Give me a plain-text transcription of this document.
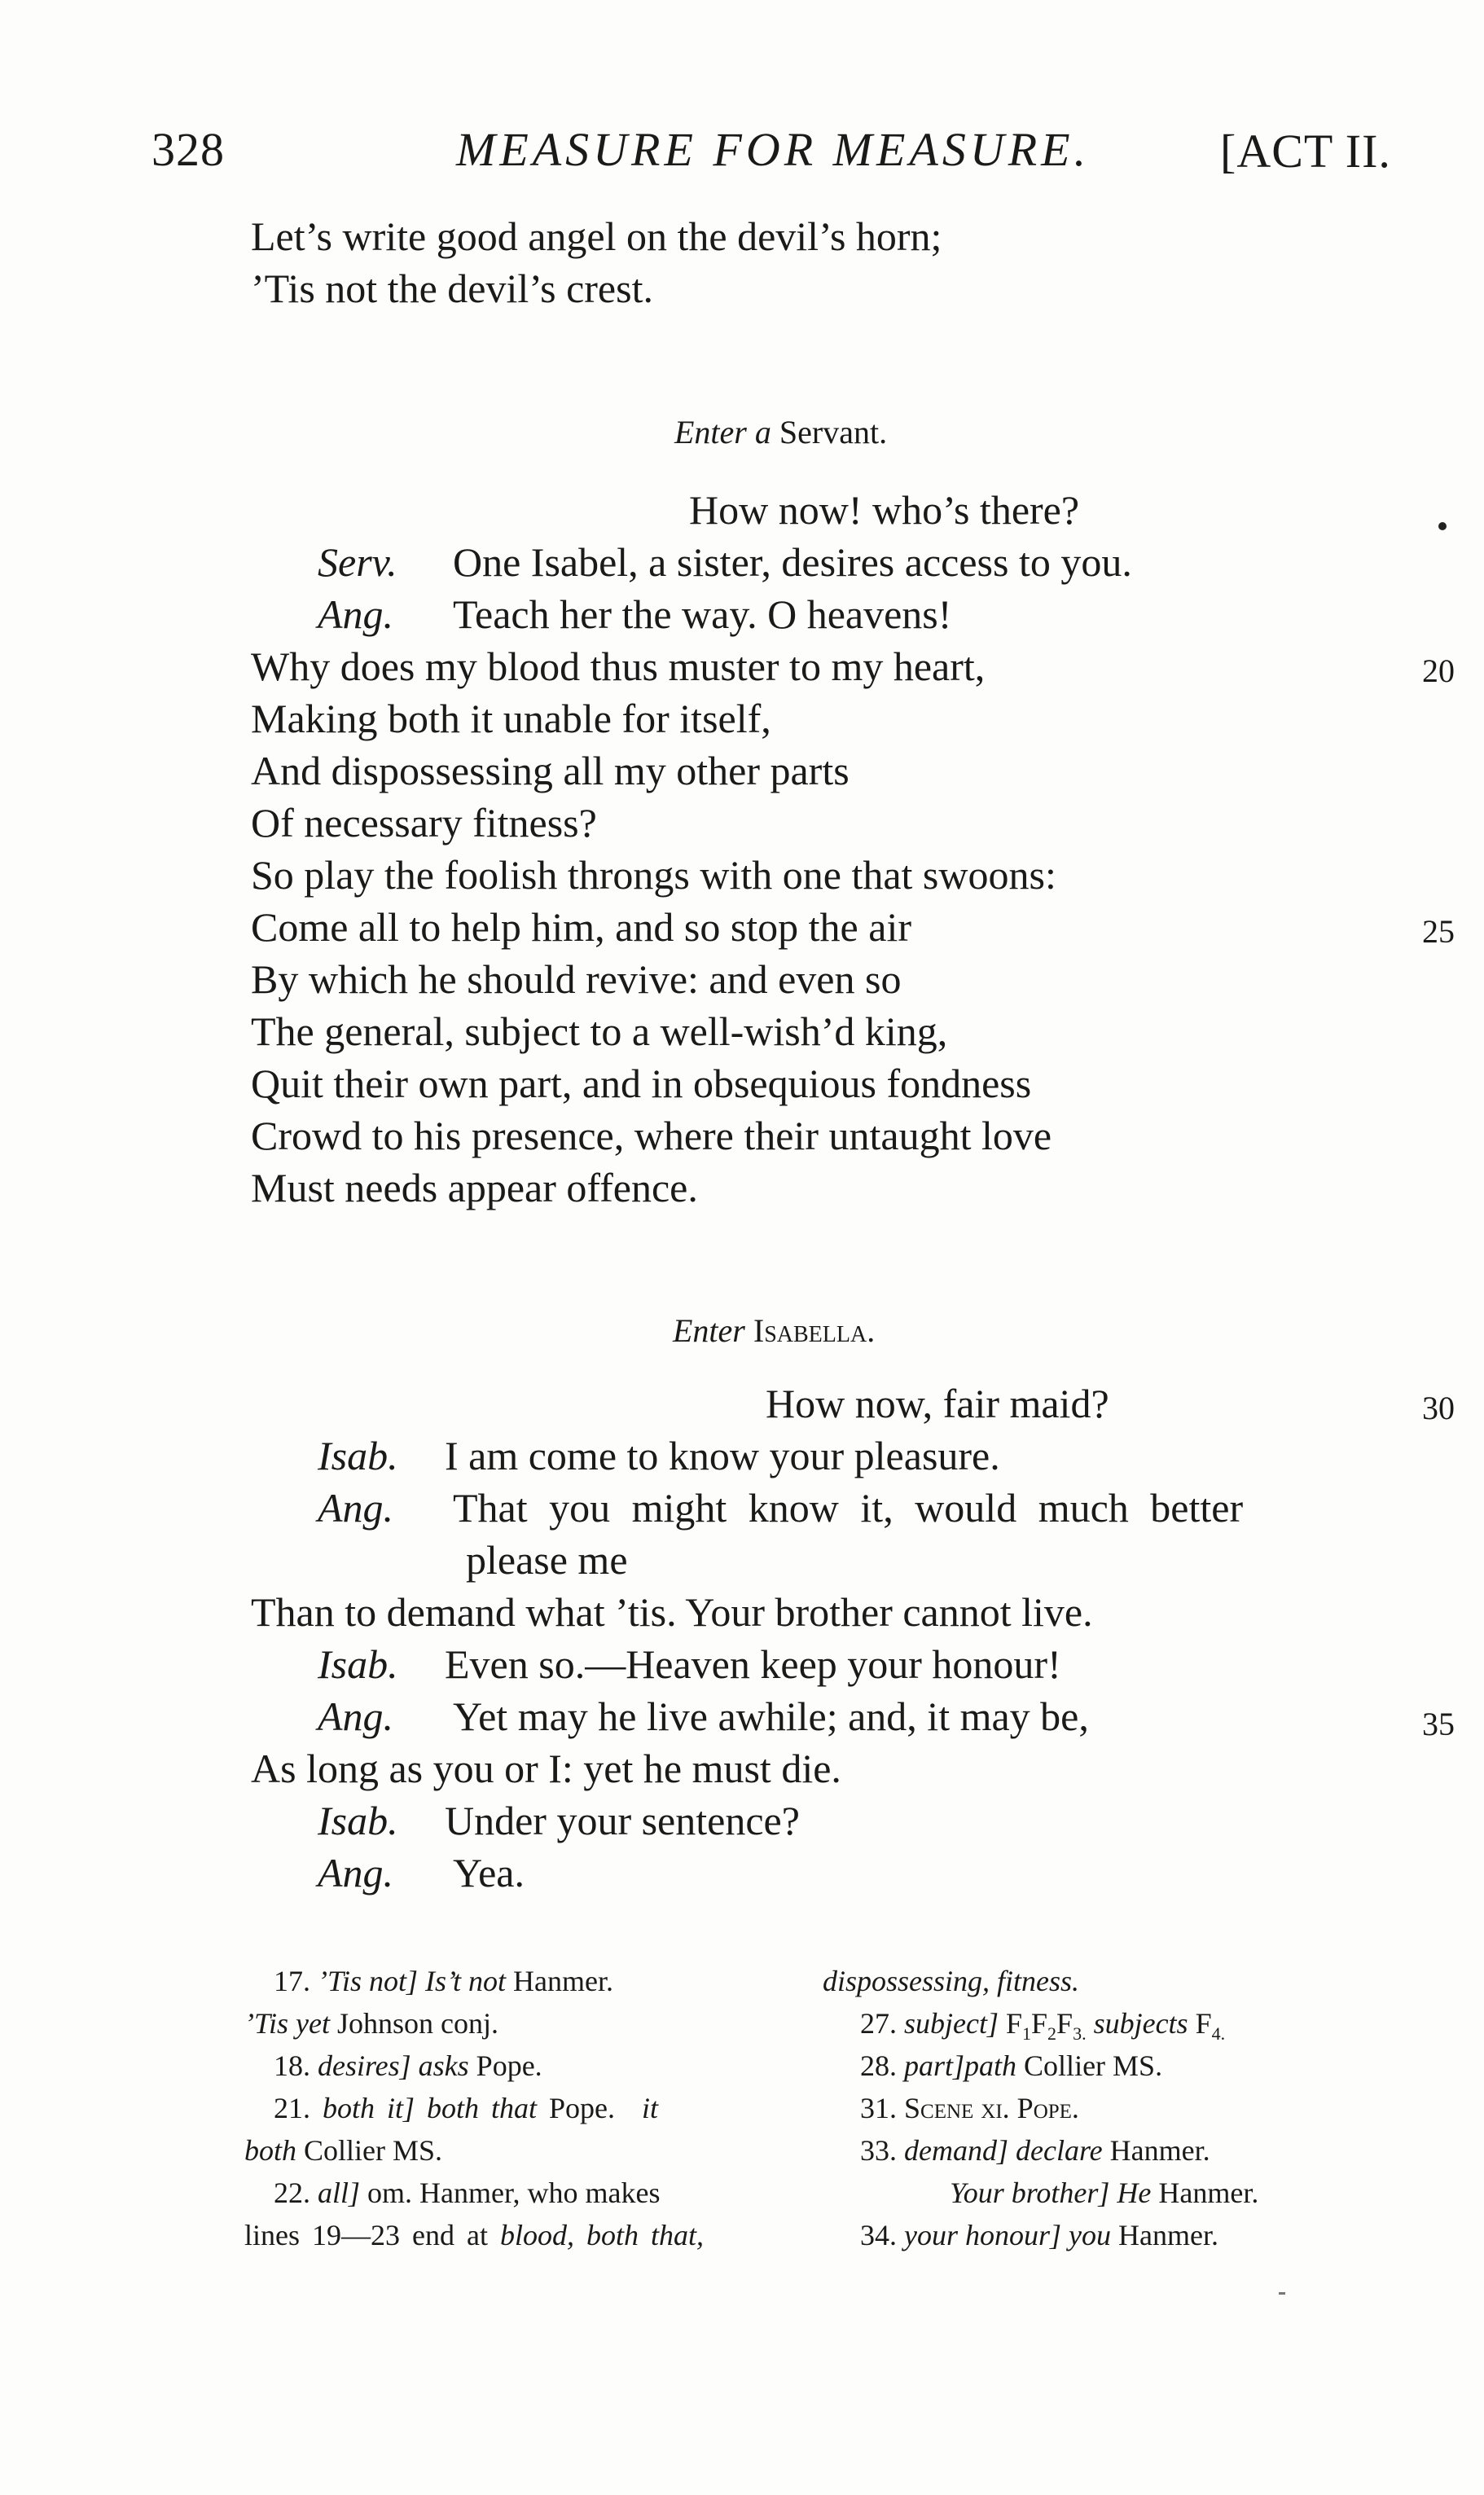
328	MEASURE FOR MEASURE.	[ACT II.
Let’s write good angel on the devil’s horn;
’Tis not the devil’s crest.
Enter a Servant.
How now! who’s there?
Serv. One Isabel, a sister, desires access to you.
Ang. Teach her the way. O heavens!
Why does my blood thus muster to my heart,	20
Making both it unable for itself,
And dispossessing all my other parts
Of necessary fitness?
So play the foolish throngs with one that swoons:
Come all to help him, and so stop the air	25
By which he should revive: and even so
The general, subject to a well-wish’d king,
Quit their own part, and in obsequious fondness
Crowd to his presence, where their untaught love
Must needs appear offence.
Enter Isabella.
How now, fair maid?	30
Isab. I am come to know your pleasure.
Ang. That you might know it, would much better
please me
Than to demand what ’tis. Your brother cannot live.
Isab. Even so.—Heaven keep your honour!
Ang. Yet may he live awhile; and, it may be,	35
As long as you or I: yet he must die.
Isab. Under your sentence?
Ang. Yea.
17. ’Tis not] Is’t not Hanmer.
’Tis yet Johnson conj.
18. desires] asks Pope.
21. both it] both that Pope. it
both Collier MS.
22. all] om. Hanmer, who makes
lines 19—23 end at blood, both that,
dispossessing, fitness.
27. subject] $F_1F_2F_{3.}$ subjects $F_{4.}$
28. part]path Collier MS.
31. Scene xi. Pope.
33. demand] declare Hanmer.
Your brother] He Hanmer.
34. your honour] you Hanmer.
